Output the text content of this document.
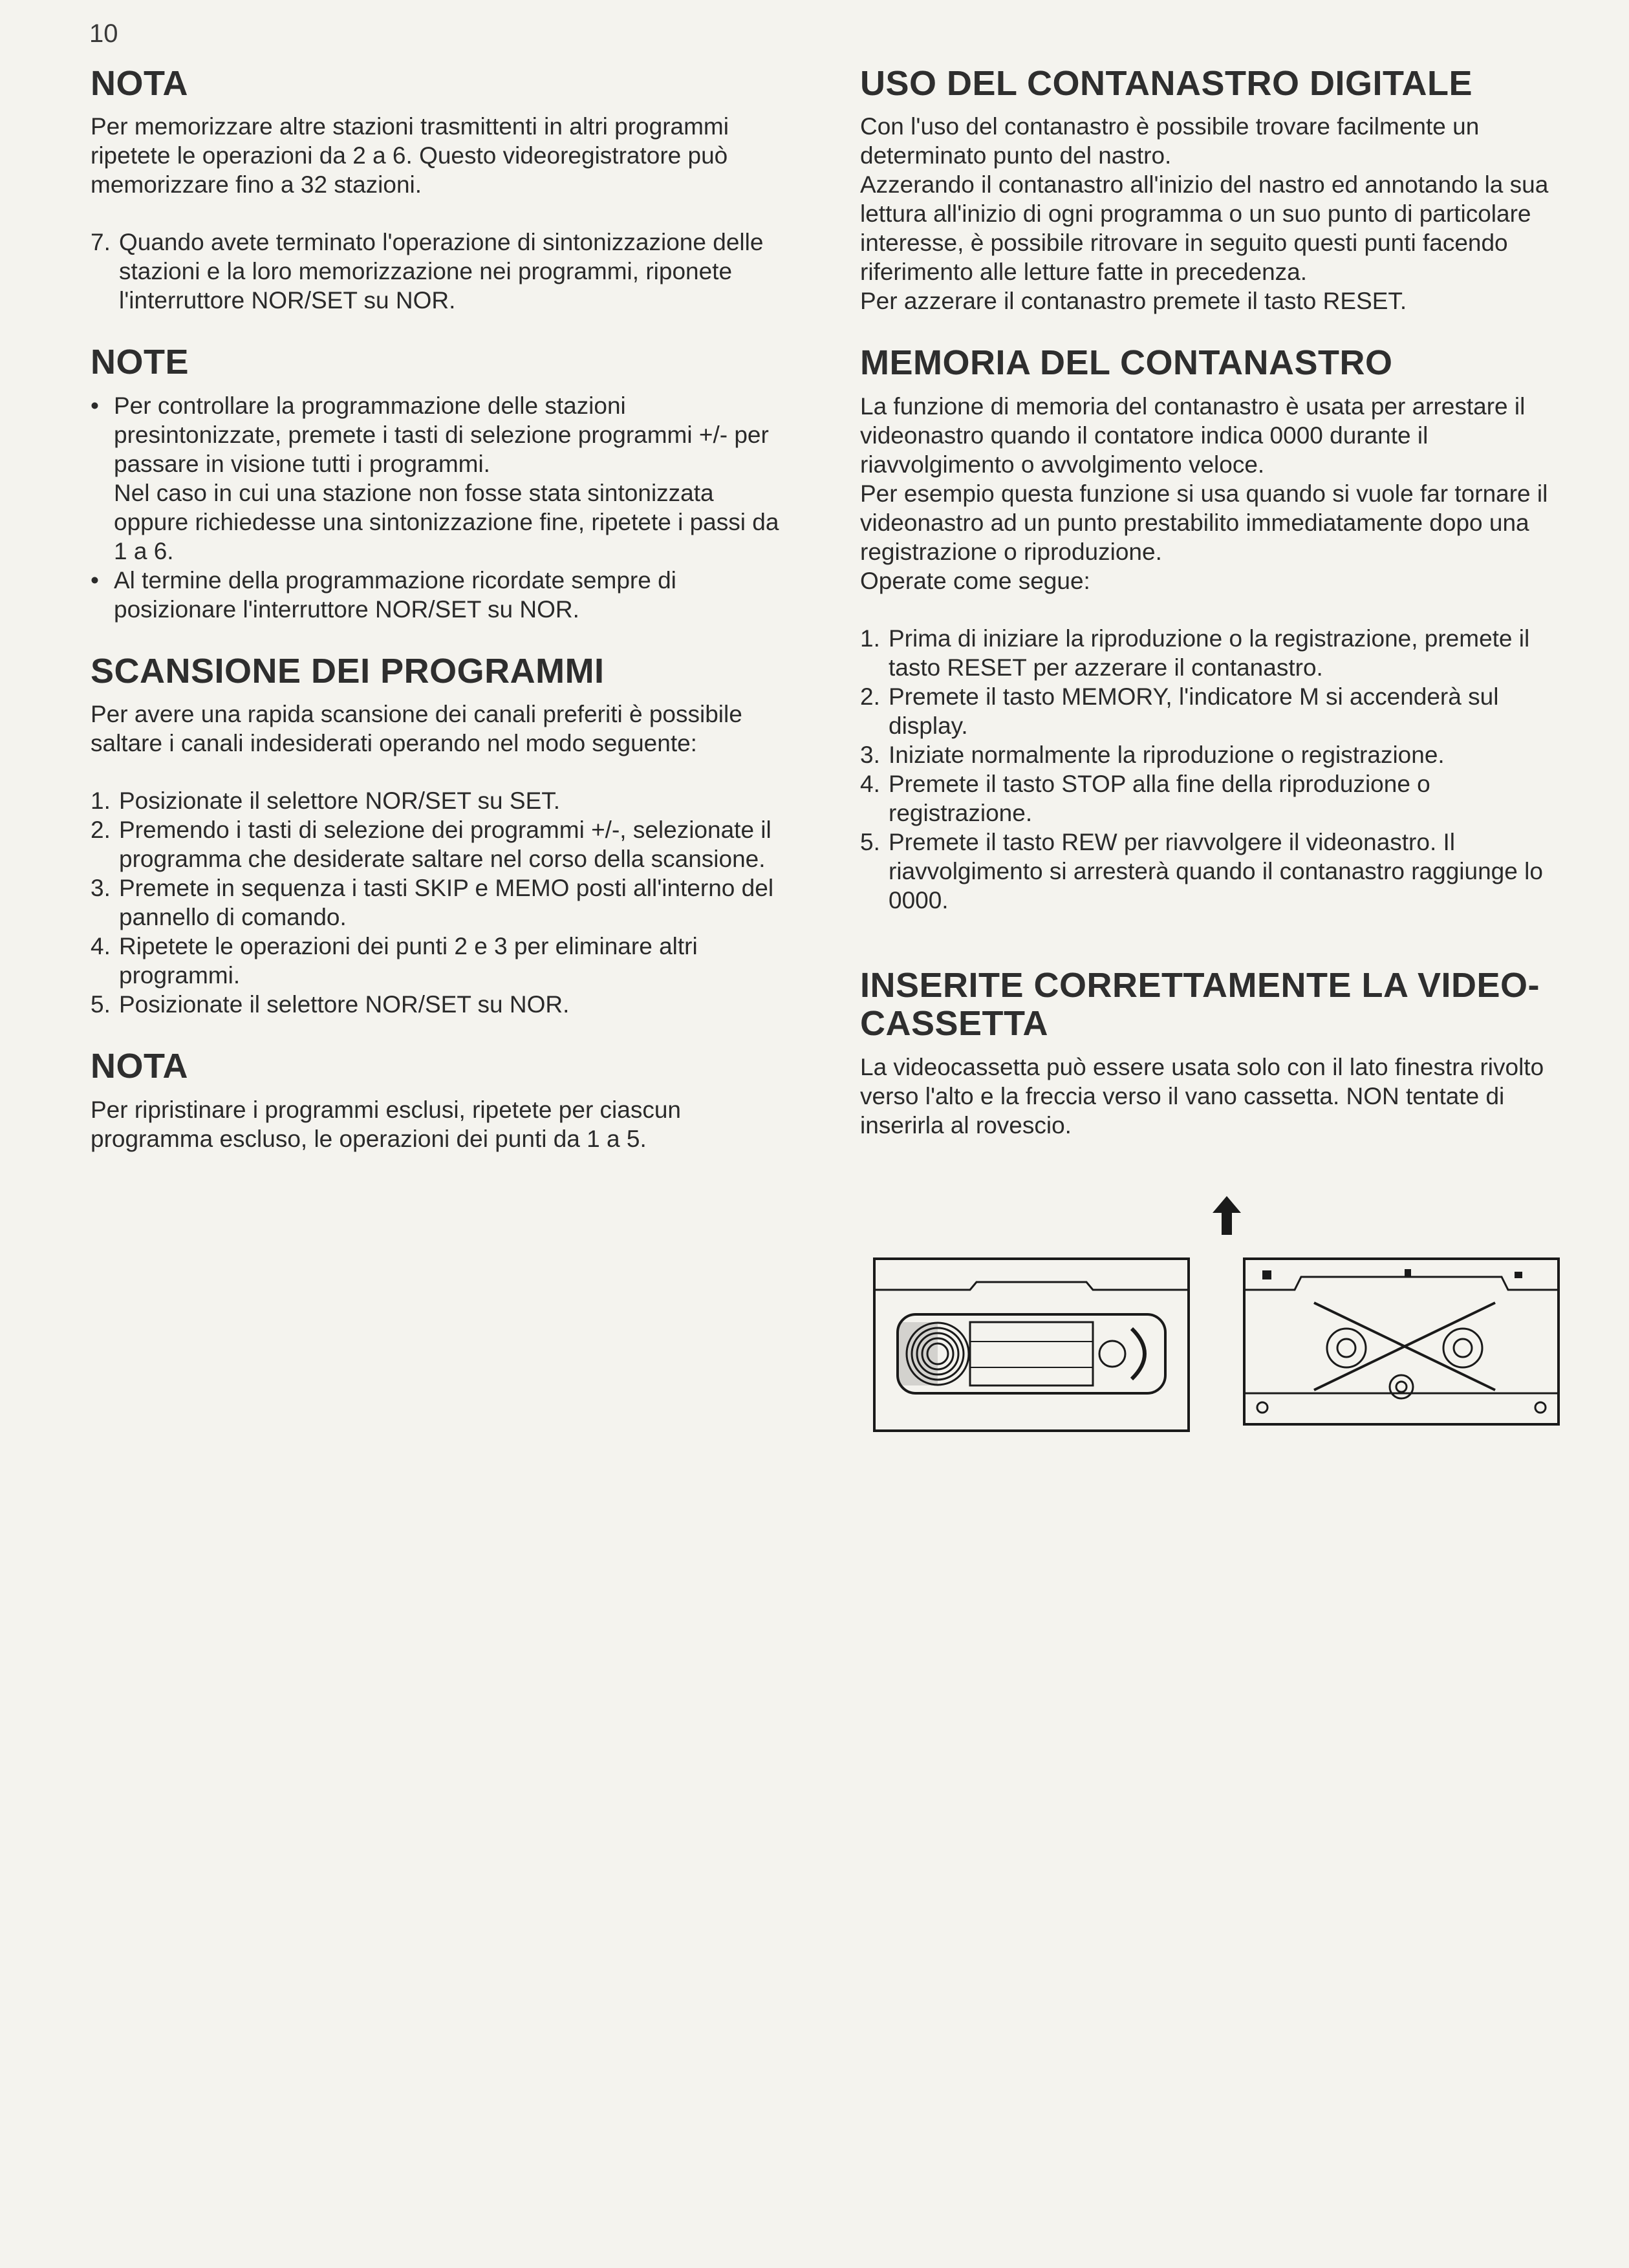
10
NOTA

Per memorizzare altre stazioni trasmittenti in altri programmi ripetete le operazioni da 2 a 6. Questo videoregistratore può memorizzare fino a 32 stazioni.

7. Quando avete terminato l'operazione di sintonizzazione delle stazioni e la loro memorizzazione nei programmi, riponete l'interruttore NOR/SET su NOR.
NOTE
• Per controllare la programmazione delle stazioni presintonizzate, premete i tasti di selezione programmi +/- per passare in visione tutti i programmi.
Nel caso in cui una stazione non fosse stata sintonizzata oppure richiedesse una sintonizzazione fine, ripetete i passi da 1 a 6.
• Al termine della programmazione ricordate sempre di posizionare l'interruttore NOR/SET su NOR.
SCANSIONE DEI PROGRAMMI

Per avere una rapida scansione dei canali preferiti è possibile saltare i canali indesiderati operando nel modo seguente:

1. Posizionate il selettore NOR/SET su SET.
2. Premendo i tasti di selezione dei programmi +/-, selezionate il programma che desiderate saltare nel corso della scansione.
3. Premete in sequenza i tasti SKIP e MEMO posti all'interno del pannello di comando.
4. Ripetete le operazioni dei punti 2 e 3 per eliminare altri programmi.
5. Posizionate il selettore NOR/SET su NOR.
NOTA

Per ripristinare i programmi esclusi, ripetete per ciascun programma escluso, le operazioni dei punti da 1 a 5.

USO DEL CONTANASTRO DIGITALE

Con l'uso del contanastro è possibile trovare facilmente un determinato punto del nastro.

Azzerando il contanastro all'inizio del nastro ed annotando la sua lettura all'inizio di ogni programma o un suo punto di particolare interesse, è possibile ritrovare in seguito questi punti facendo riferimento alle letture fatte in precedenza.

Per azzerare il contanastro premete il tasto RESET.

MEMORIA DEL CONTANASTRO

La funzione di memoria del contanastro è usata per arrestare il videonastro quando il contatore indica 0000 durante il riavvolgimento o avvolgimento veloce.

Per esempio questa funzione si usa quando si vuole far tornare il videonastro ad un punto prestabilito immediatamente dopo una registrazione o riproduzione.

Operate come segue:

1. Prima di iniziare la riproduzione o la registrazione, premete il tasto RESET per azzerare il contanastro.
2. Premete il tasto MEMORY, l'indicatore M si accenderà sul display.
3. Iniziate normalmente la riproduzione o registrazione.
4. Premete il tasto STOP alla fine della riproduzione o registrazione.
5. Premete il tasto REW per riavvolgere il videonastro. Il riavvolgimento si arresterà quando il contanastro raggiunge lo 0000.
INSERITE CORRETTAMENTE LA VIDEO-CASSETTA

La videocassetta può essere usata solo con il lato finestra rivolto verso l'alto e la freccia verso il vano cassetta. NON tentate di inserirla al rovescio.
